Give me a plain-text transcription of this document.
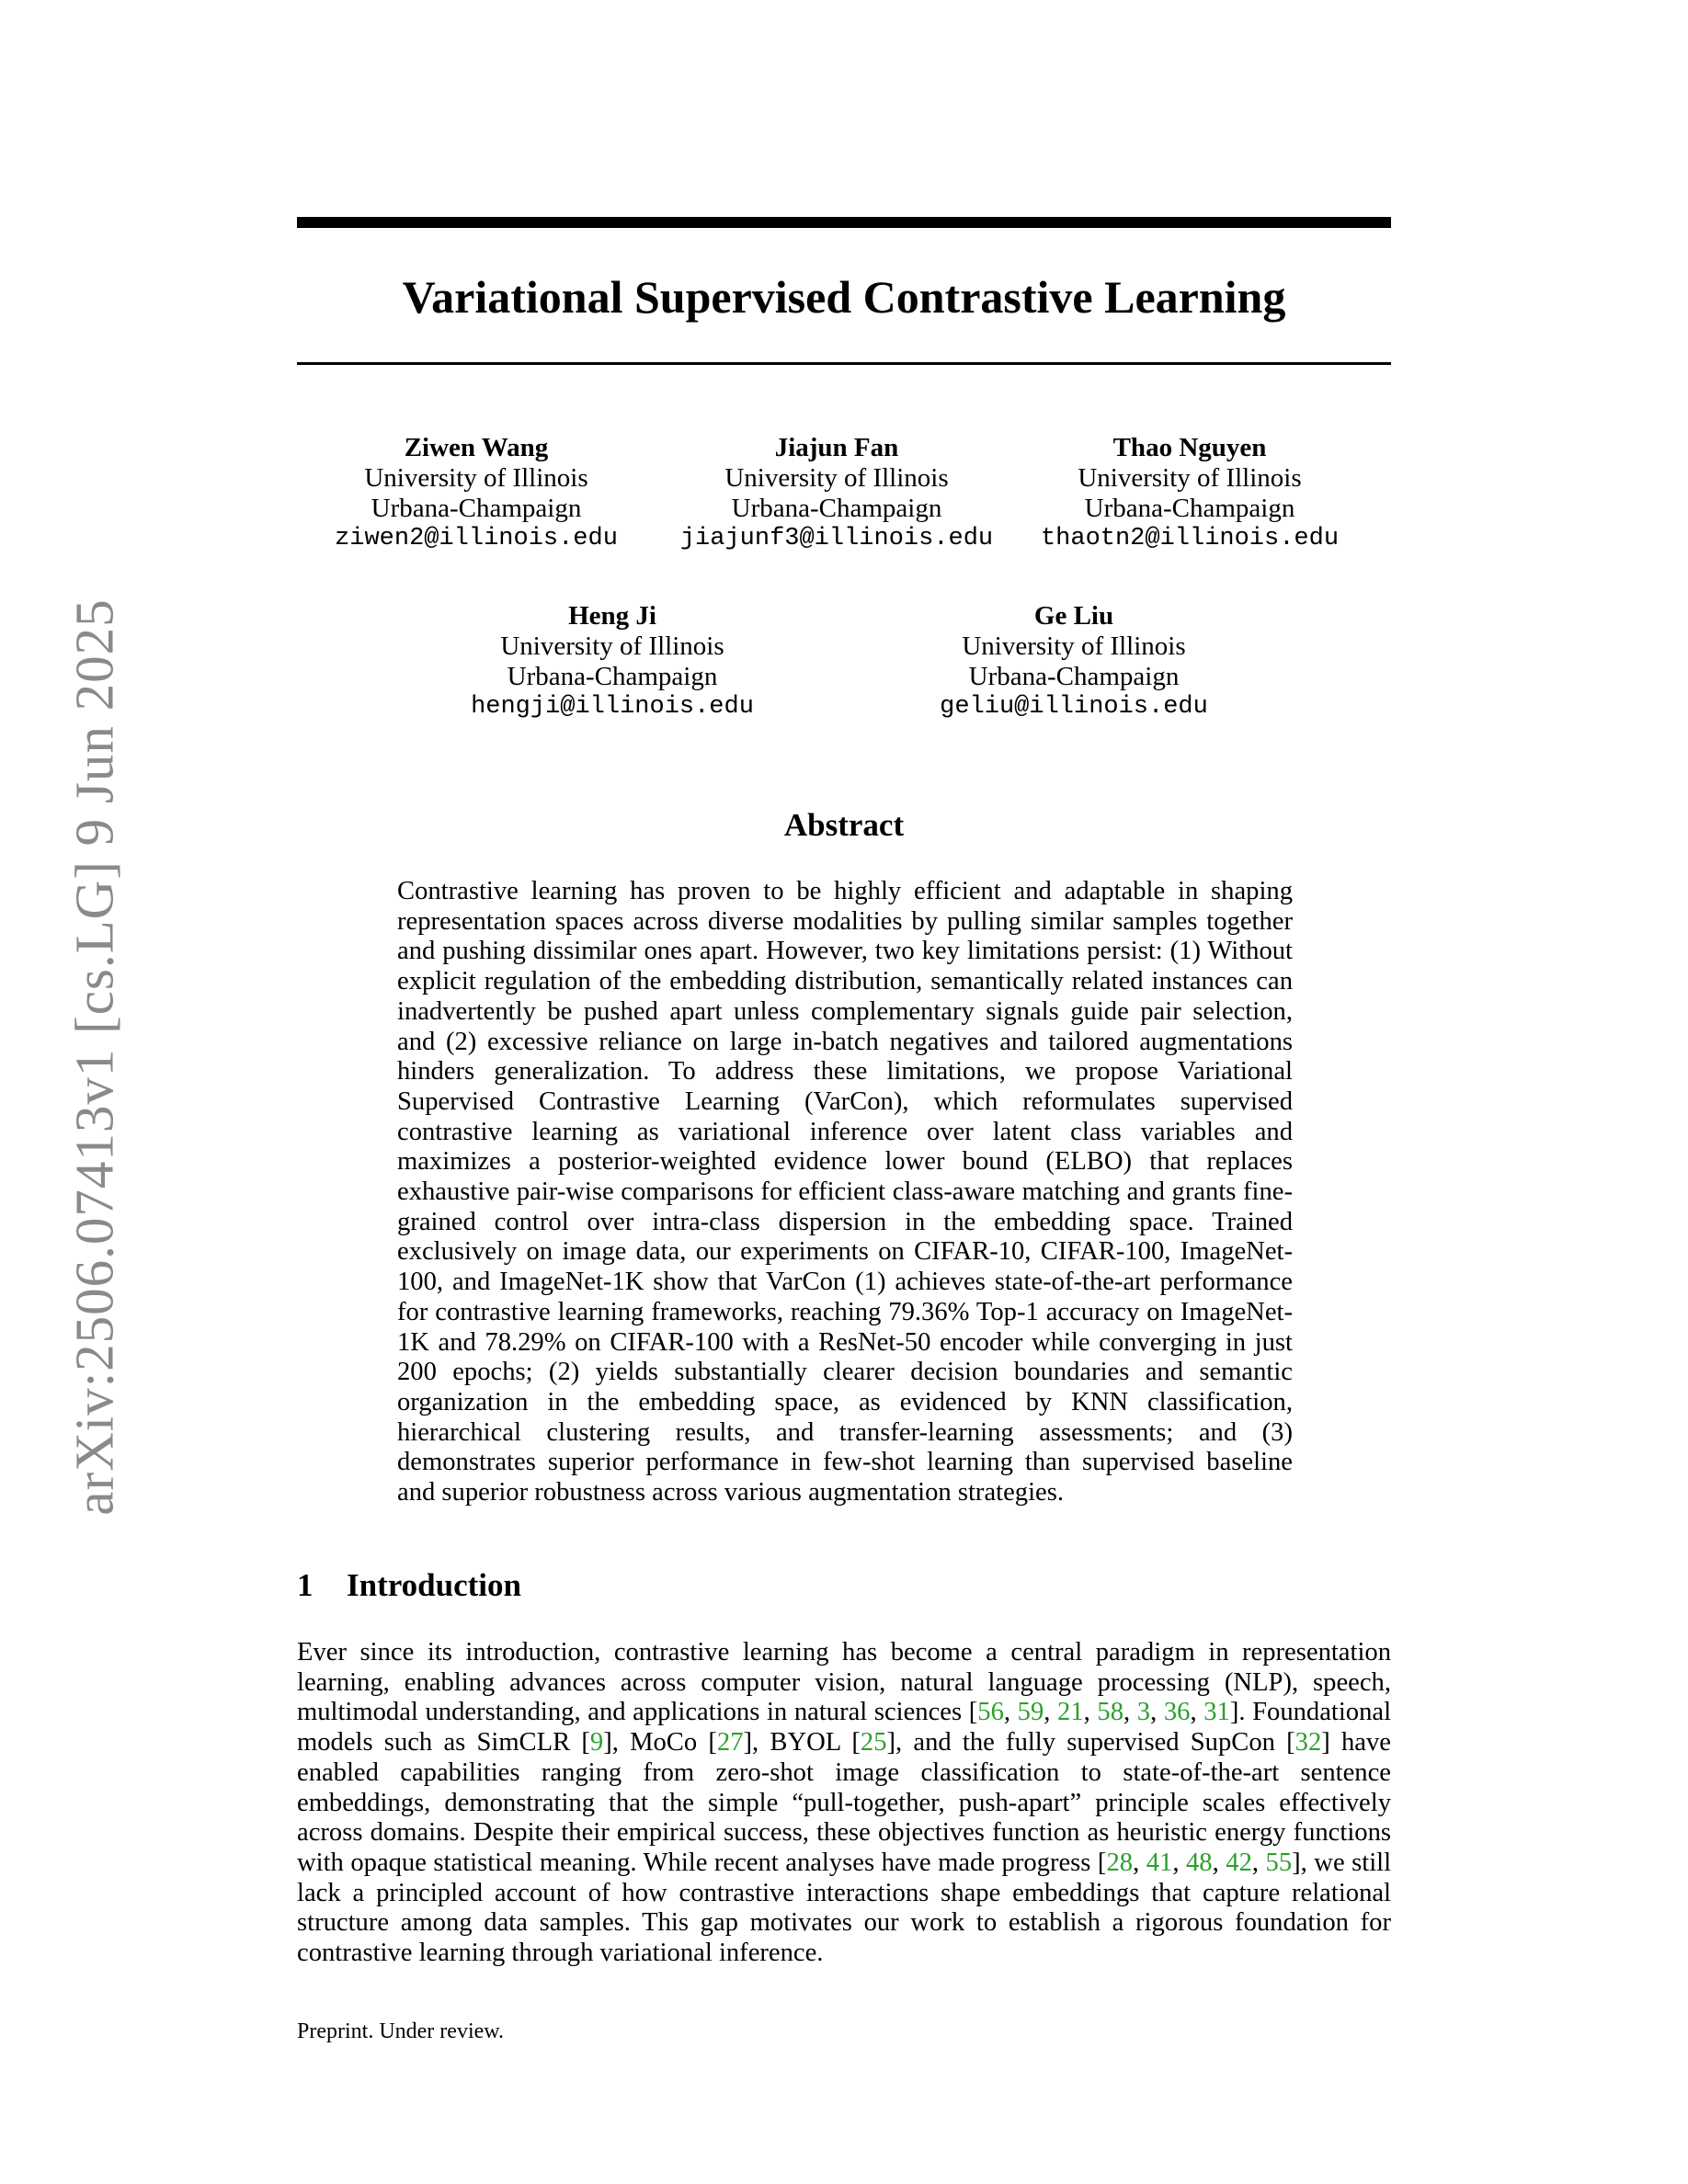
arXiv:2506.07413v1 [cs.LG] 9 Jun 2025
Variational Supervised Contrastive Learning
Ziwen Wang
University of Illinois
Urbana-Champaign
ziwen2@illinois.edu
Jiajun Fan
University of Illinois
Urbana-Champaign
jiajunf3@illinois.edu
Thao Nguyen
University of Illinois
Urbana-Champaign
thaotn2@illinois.edu
Heng Ji
University of Illinois
Urbana-Champaign
hengji@illinois.edu
Ge Liu
University of Illinois
Urbana-Champaign
geliu@illinois.edu
Abstract
Contrastive learning has proven to be highly efficient and adaptable in shaping representation spaces across diverse modalities by pulling similar samples together and pushing dissimilar ones apart. However, two key limitations persist: (1) Without explicit regulation of the embedding distribution, semantically related instances can inadvertently be pushed apart unless complementary signals guide pair selection, and (2) excessive reliance on large in-batch negatives and tailored augmentations hinders generalization. To address these limitations, we propose Variational Supervised Contrastive Learning (VarCon), which reformulates supervised contrastive learning as variational inference over latent class variables and maximizes a posterior-weighted evidence lower bound (ELBO) that replaces exhaustive pair-wise comparisons for efficient class-aware matching and grants fine-grained control over intra-class dispersion in the embedding space. Trained exclusively on image data, our experiments on CIFAR-10, CIFAR-100, ImageNet-100, and ImageNet-1K show that VarCon (1) achieves state-of-the-art performance for contrastive learning frameworks, reaching 79.36% Top-1 accuracy on ImageNet-1K and 78.29% on CIFAR-100 with a ResNet-50 encoder while converging in just 200 epochs; (2) yields substantially clearer decision boundaries and semantic organization in the embedding space, as evidenced by KNN classification, hierarchical clustering results, and transfer-learning assessments; and (3) demonstrates superior performance in few-shot learning than supervised baseline and superior robustness across various augmentation strategies.
1 Introduction
Ever since its introduction, contrastive learning has become a central paradigm in representation learning, enabling advances across computer vision, natural language processing (NLP), speech, multimodal understanding, and applications in natural sciences [56, 59, 21, 58, 3, 36, 31]. Foundational models such as SimCLR [9], MoCo [27], BYOL [25], and the fully supervised SupCon [32] have enabled capabilities ranging from zero-shot image classification to state-of-the-art sentence embeddings, demonstrating that the simple “pull-together, push-apart” principle scales effectively across domains. Despite their empirical success, these objectives function as heuristic energy functions with opaque statistical meaning. While recent analyses have made progress [28, 41, 48, 42, 55], we still lack a principled account of how contrastive interactions shape embeddings that capture relational structure among data samples. This gap motivates our work to establish a rigorous foundation for contrastive learning through variational inference.
Preprint. Under review.
